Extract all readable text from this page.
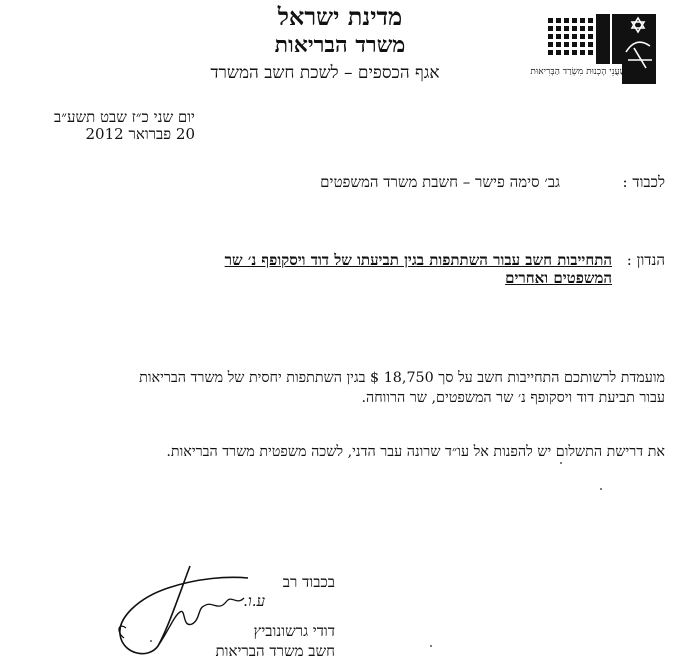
מדינת ישראל
משרד הבריאות
אגף הכספים – לשכת חשב המשרד	שֶׁעֲנֵי הָכְנוּת מִשְׂרַד הַבְּרִיאוּת
יום שני כ״ז שבט תשע״ב
20 פברואר 2012
לכבוד :
גב׳ סימה פישר – חשבת משרד המשפטים
הנדון :
התחייבות חשב עבור השתתפות בגין תביעתו של דוד ויסקופף נ׳ שר
המשפטים ואחרים
מועמדת לרשותכם התחייבות חשב על סך 18,750 $ בגין השתתפות יחסית של משרד הבריאות
עבור תביעת דוד ויסקופף נ׳ שר המשפטים, שר הרווחה.
את דרישת התשלום יש להפנות אל עו״ד שרונה עבר הדני, לשכה משפטית משרד הבריאות.
בכבוד רב
ע.ו.
דודי גרשונוביץ
חשב משרד הבריאות
